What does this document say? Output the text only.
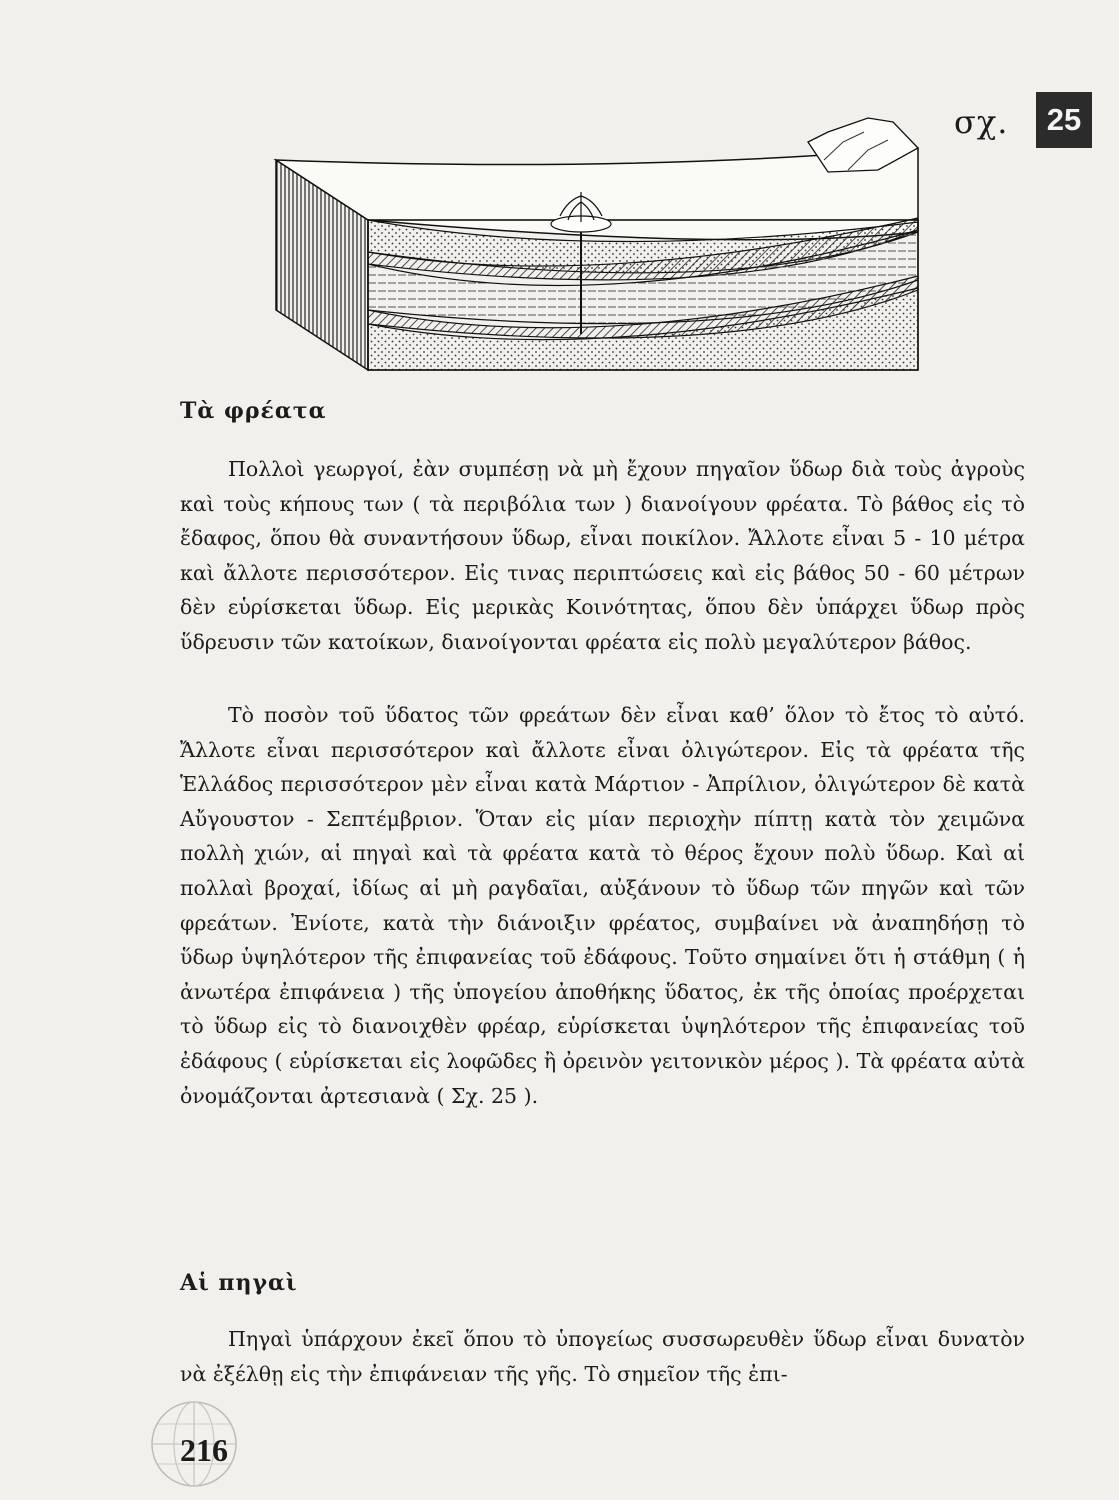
σχ.	25
Τὰ φρέατα

Πολλοὶ γεωργοί, ἐὰν συμπέσῃ νὰ μὴ ἔχουν πηγαῖον ὕδωρ διὰ τοὺς ἀγροὺς καὶ τοὺς κήπους των ( τὰ περιβόλια των ) διανοίγουν φρέατα. Τὸ βάθος εἰς τὸ ἔδαφος, ὅπου θὰ συναντήσουν ὕδωρ, εἶναι ποικίλον. Ἄλλοτε εἶναι 5 - 10 μέτρα καὶ ἄλλοτε περισσότερον. Εἰς τινας περιπτώσεις καὶ εἰς βάθος 50 - 60 μέτρων δὲν εὑρίσκεται ὕδωρ. Εἰς μερικὰς Κοινότητας, ὅπου δὲν ὑπάρχει ὕδωρ πρὸς ὕδρευσιν τῶν κατοίκων, διανοίγονται φρέατα εἰς πολὺ μεγαλύτερον βάθος.

Τὸ ποσὸν τοῦ ὕδατος τῶν φρεάτων δὲν εἶναι καθ’ ὅλον τὸ ἔτος τὸ αὐτό. Ἄλλοτε εἶναι περισσότερον καὶ ἄλλοτε εἶναι ὀλιγώτερον. Εἰς τὰ φρέατα τῆς Ἑλλάδος περισσότερον μὲν εἶναι κατὰ Μάρτιον - Ἀπρίλιον, ὀλιγώτερον δὲ κατὰ Αὔγουστον - Σεπτέμβριον. Ὅταν εἰς μίαν περιοχὴν πίπτῃ κατὰ τὸν χειμῶνα πολλὴ χιών, αἱ πηγαὶ καὶ τὰ φρέατα κατὰ τὸ θέρος ἔχουν πολὺ ὕδωρ. Καὶ αἱ πολλαὶ βροχαί, ἰδίως αἱ μὴ ραγδαῖαι, αὐξάνουν τὸ ὕδωρ τῶν πηγῶν καὶ τῶν φρεάτων. Ἐνίοτε, κατὰ τὴν διάνοιξιν φρέατος, συμβαίνει νὰ ἀναπηδήσῃ τὸ ὕδωρ ὑψηλότερον τῆς ἐπιφανείας τοῦ ἐδάφους. Τοῦτο σημαίνει ὅτι ἡ στάθμη ( ἡ ἀνωτέρα ἐπιφάνεια ) τῆς ὑπογείου ἀποθήκης ὕδατος, ἐκ τῆς ὁποίας προέρχεται τὸ ὕδωρ εἰς τὸ διανοιχθὲν φρέαρ, εὑρίσκεται ὑψηλότερον τῆς ἐπιφανείας τοῦ ἐδάφους ( εὑρίσκεται εἰς λοφῶδες ἢ ὀρεινὸν γειτονικὸν μέρος ). Τὰ φρέατα αὐτὰ ὀνομάζονται ἀρτεσιανὰ ( Σχ. 25 ).

Αἱ πηγαὶ

Πηγαὶ ὑπάρχουν ἐκεῖ ὅπου τὸ ὑπογείως συσσωρευθὲν ὕδωρ εἶναι δυνατὸν νὰ ἐξέλθῃ εἰς τὴν ἐπιφάνειαν τῆς γῆς. Τὸ σημεῖον τῆς ἐπι-

216
